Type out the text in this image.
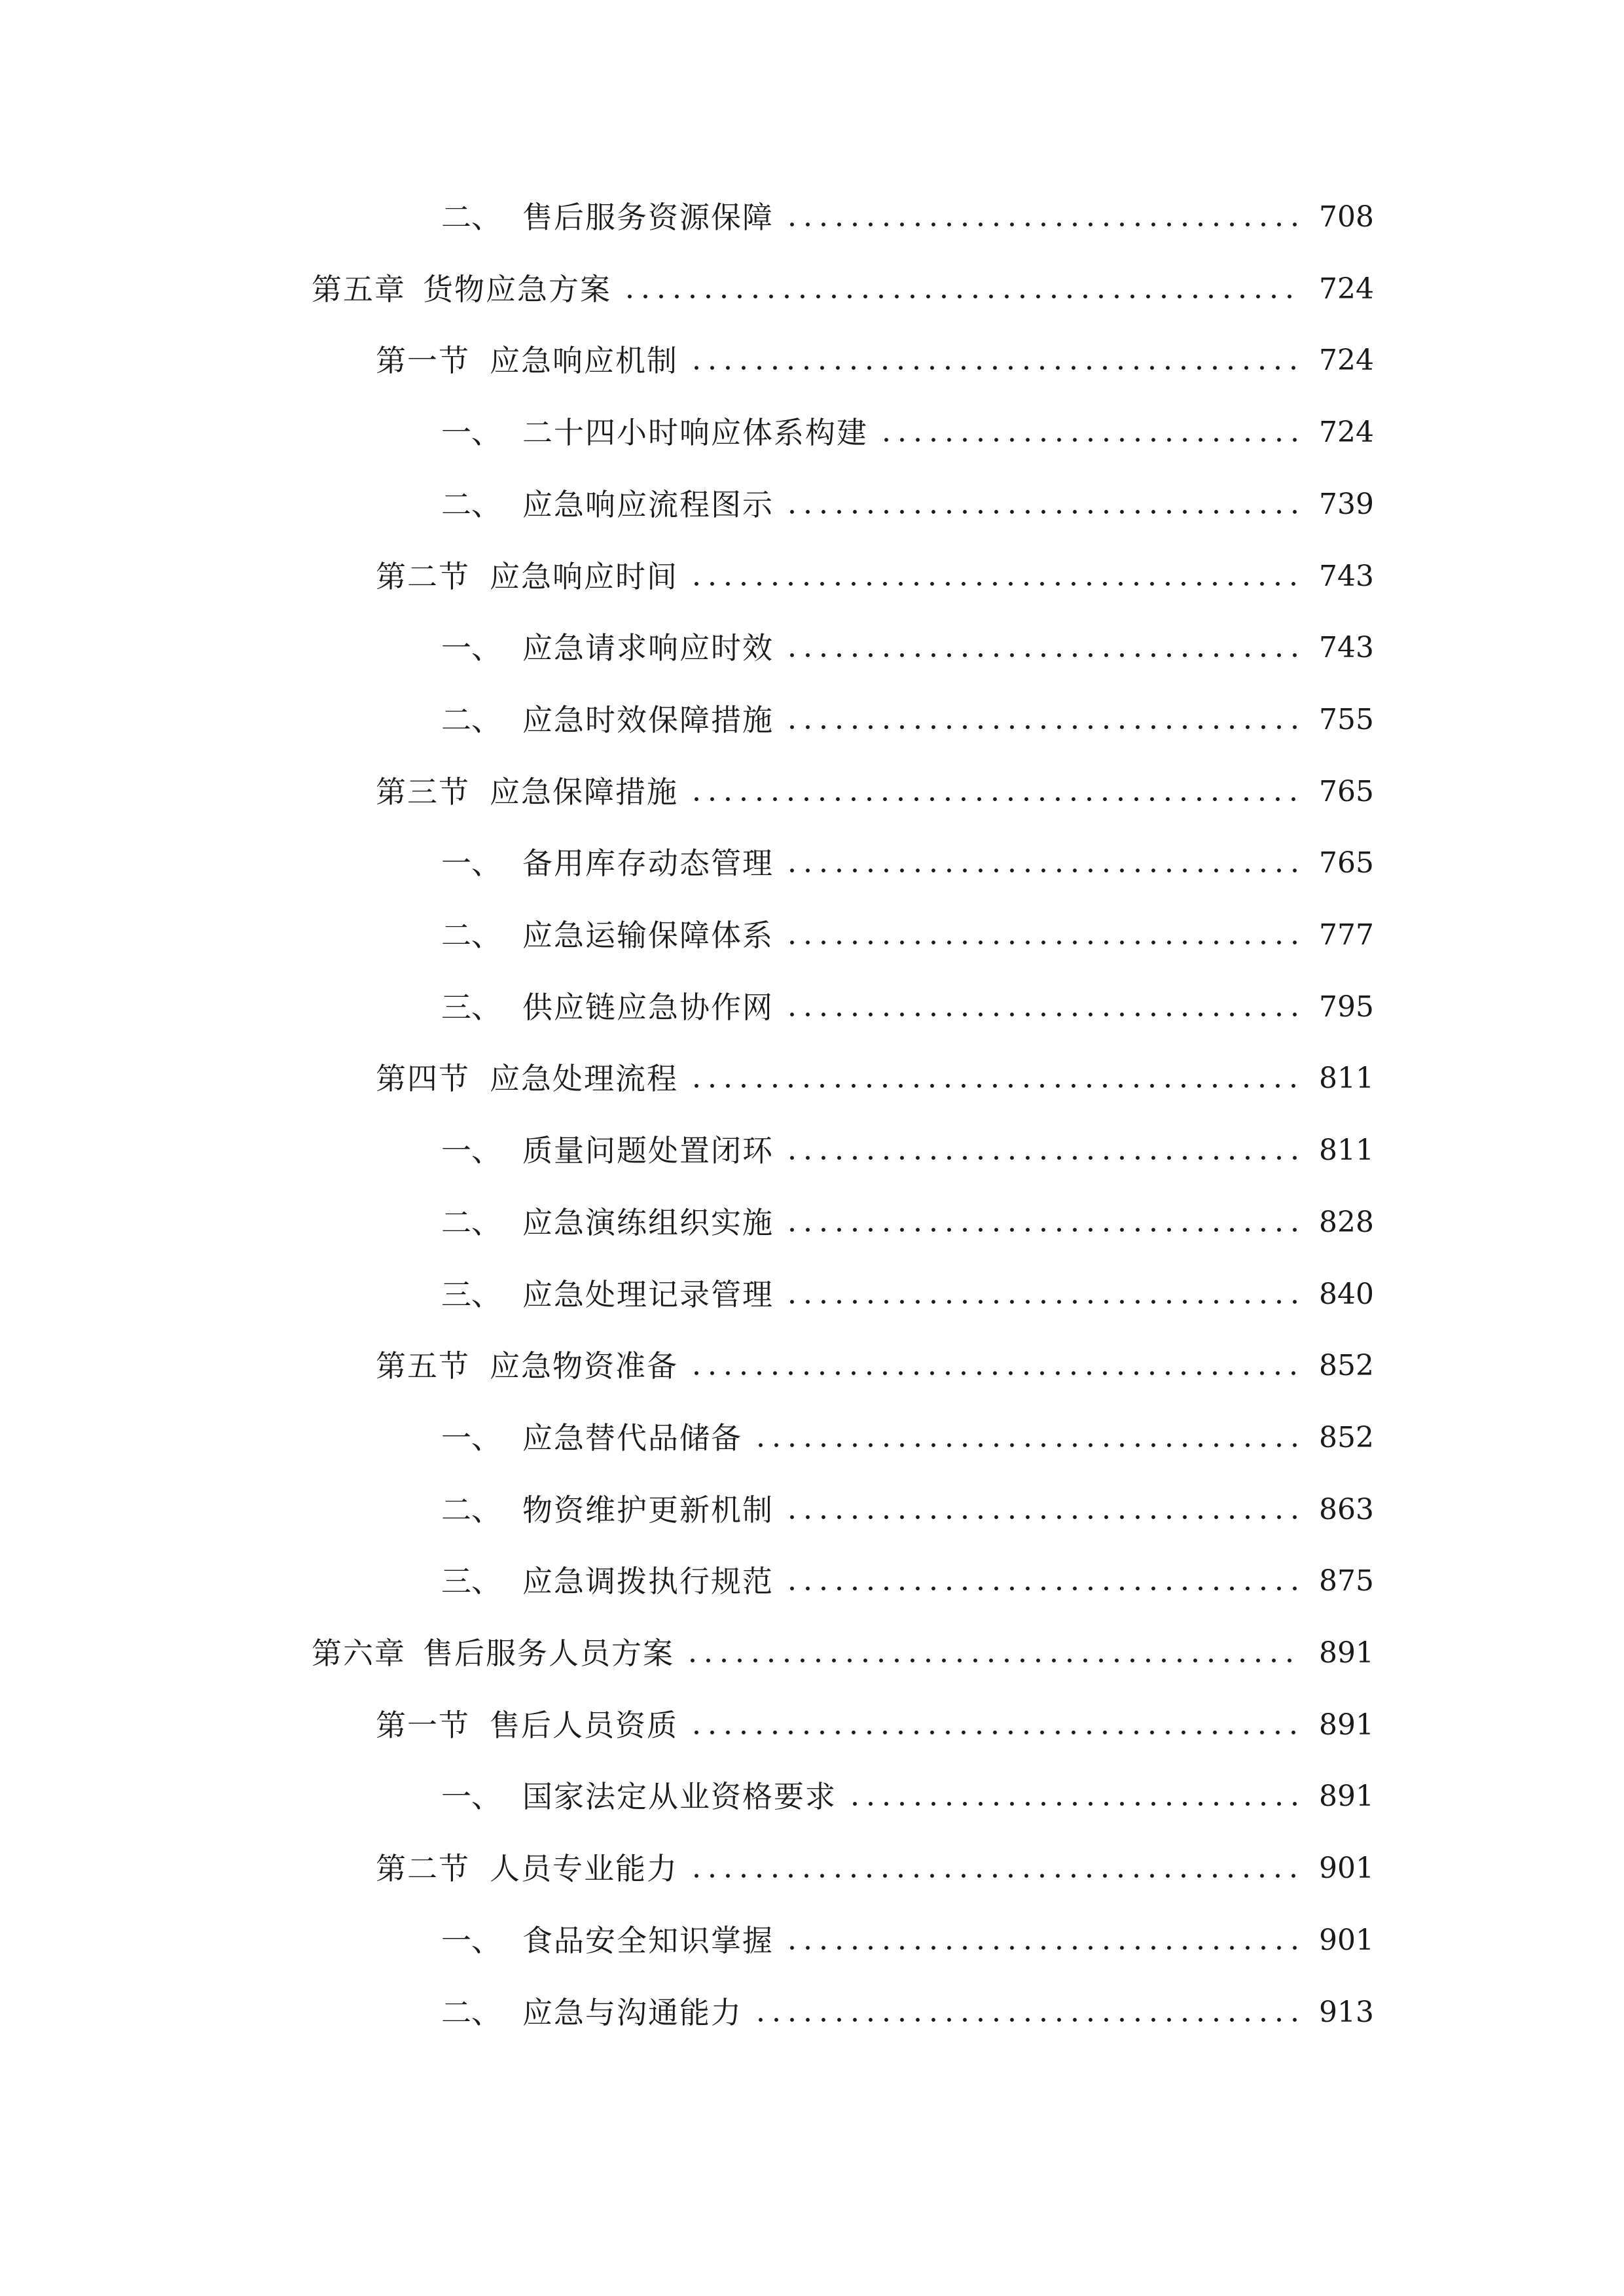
二、 售后服务资源保障	708
第五章 货物应急方案	724
第一节 应急响应机制	724
一、 二十四小时响应体系构建	724
二、 应急响应流程图示	739
第二节 应急响应时间	743
一、 应急请求响应时效	743
二、 应急时效保障措施	755
第三节 应急保障措施	765
一、 备用库存动态管理	765
二、 应急运输保障体系	777
三、 供应链应急协作网	795
第四节 应急处理流程	811
一、 质量问题处置闭环	811
二、 应急演练组织实施	828
三、 应急处理记录管理	840
第五节 应急物资准备	852
一、 应急替代品储备	852
二、 物资维护更新机制	863
三、 应急调拨执行规范	875
第六章 售后服务人员方案	891
第一节 售后人员资质	891
一、 国家法定从业资格要求	891
第二节 人员专业能力	901
一、 食品安全知识掌握	901
二、 应急与沟通能力	913
